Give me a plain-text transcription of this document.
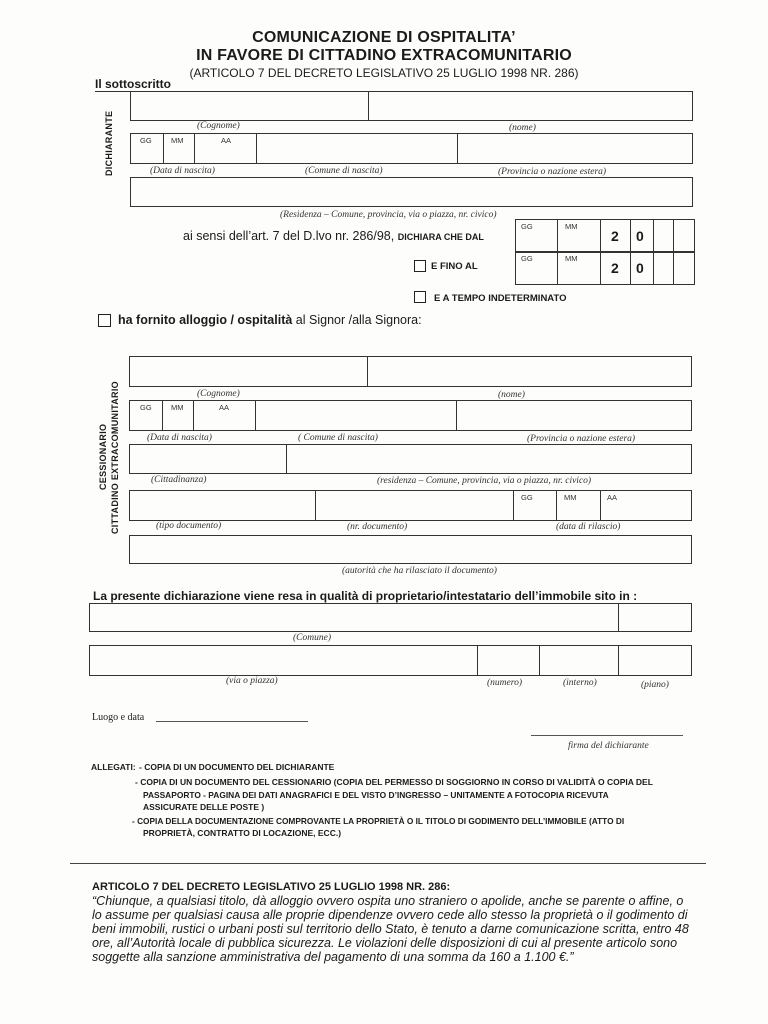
COMUNICAZIONE DI OSPITALITA’
IN FAVORE DI CITTADINO EXTRACOMUNITARIO
(ARTICOLO 7 DEL DECRETO LEGISLATIVO 25 LUGLIO 1998 NR. 286)
Il sottoscritto
DICHIARANTE	(Cognome)	(nome)
GG	MM	AA
(Data di nascita)	(Comune di nascita)	(Provincia o nazione estera)
(Residenza – Comune, provincia, via o piazza, nr. civico)
ai sensi dell’art. 7 del D.lvo nr. 286/98, DICHIARA CHE DAL
GG	MM
2 0
E FINO AL
GG	MM
2 0
E A TEMPO INDETERMINATO
ha fornito alloggio / ospitalità al Signor /alla Signora:
CESSIONARIO CITTADINO EXTRACOMUNITARIO	(Cognome)	(nome)
GG	MM	AA
(Data di nascita)	( Comune di nascita)	(Provincia o nazione estera)
(Cittadinanza)	(residenza – Comune, provincia, via o piazza, nr. civico)
GG	MM	AA
(tipo documento)	(nr. documento)	(data di rilascio)
(autorità che ha rilasciato il documento)
La presente dichiarazione viene resa in qualità di proprietario/intestatario dell’immobile sito in :
(Comune)
(via o piazza)	(numero)	(interno)	(piano)
Luogo e data
firma del dichiarante
ALLEGATI: - COPIA DI UN DOCUMENTO DEL DICHIARANTE
- COPIA DI UN DOCUMENTO DEL CESSIONARIO (COPIA DEL PERMESSO DI SOGGIORNO IN CORSO DI VALIDITÀ O COPIA DEL
PASSAPORTO - PAGINA DEI DATI ANAGRAFICI E DEL VISTO D’INGRESSO – UNITAMENTE A FOTOCOPIA RICEVUTA
ASSICURATE DELLE POSTE )
- COPIA DELLA DOCUMENTAZIONE COMPROVANTE LA PROPRIETÀ O IL TITOLO DI GODIMENTO DELL’IMMOBILE (ATTO DI
PROPRIETÀ, CONTRATTO DI LOCAZIONE, ECC.)
ARTICOLO 7 DEL DECRETO LEGISLATIVO 25 LUGLIO 1998 NR. 286:
“Chiunque, a qualsiasi titolo, dà alloggio ovvero ospita uno straniero o apolide, anche se parente o affine, o
lo assume per qualsiasi causa alle proprie dipendenze ovvero cede allo stesso la proprietà o il godimento di
beni immobili, rustici o urbani posti sul territorio dello Stato, è tenuto a darne comunicazione scritta, entro 48
ore, all’Autorità locale di pubblica sicurezza. Le violazioni delle disposizioni di cui al presente articolo sono
soggette alla sanzione amministrativa del pagamento di una somma da 160 a 1.100 €.”
